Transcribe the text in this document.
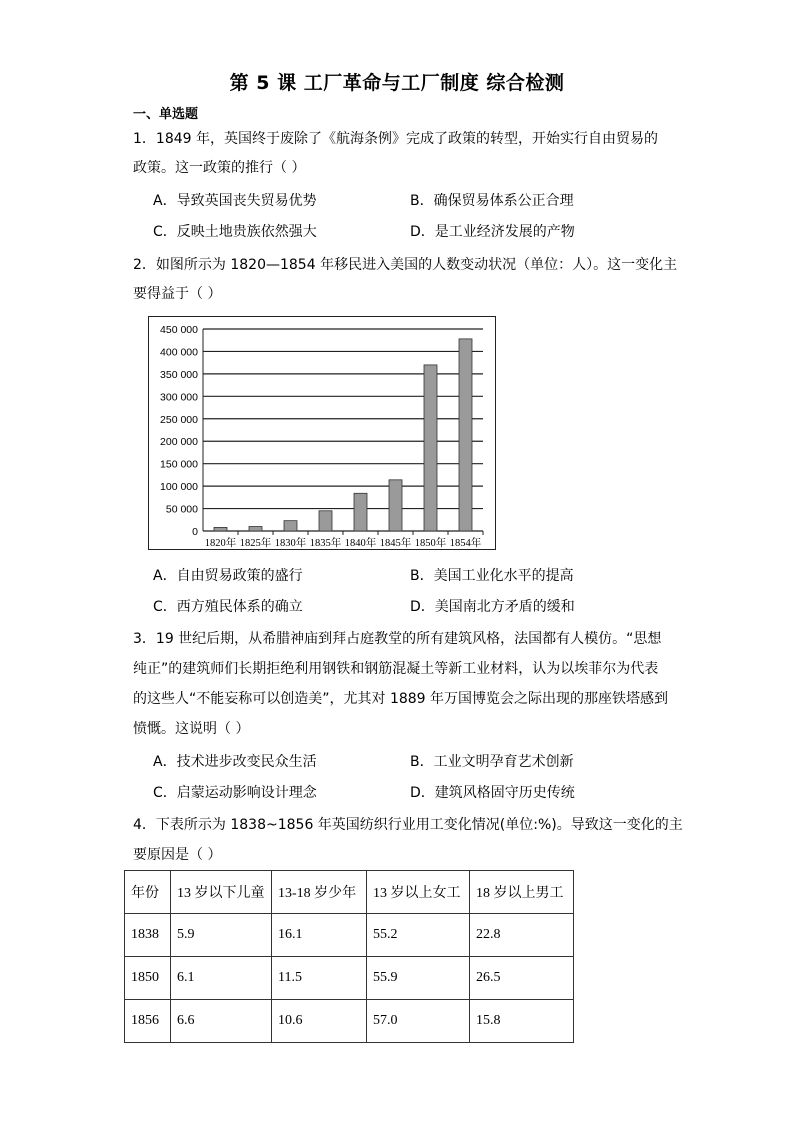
第 5 课 工厂革命与工厂制度 综合检测
一、单选题
1．1849 年，英国终于废除了《航海条例》完成了政策的转型，开始实行自由贸易的
政策。这一政策的推行（ ）
A．导致英国丧失贸易优势	B．确保贸易体系公正合理
C．反映土地贵族依然强大	D．是工业经济发展的产物
2．如图所示为 1820—1854 年移民进入美国的人数变动状况（单位：人）。这一变化主
要得益于（ ）
0
50 000
100 000
150 000
200 000
250 000
300 000
350 000
400 000
450 000
1820年 1825年 1830年 1835年 1840年 1845年 1850年 1854年
A．自由贸易政策的盛行	B．美国工业化水平的提高
C．西方殖民体系的确立	D．美国南北方矛盾的缓和
3．19 世纪后期，从希腊神庙到拜占庭教堂的所有建筑风格，法国都有人模仿。“思想
纯正”的建筑师们长期拒绝利用钢铁和钢筋混凝土等新工业材料，认为以埃菲尔为代表
的这些人“不能妄称可以创造美”，尤其对 1889 年万国博览会之际出现的那座铁塔感到
愤慨。这说明（ ）
A．技术进步改变民众生活	B．工业文明孕育艺术创新
C．启蒙运动影响设计理念	D．建筑风格固守历史传统
4．下表所示为 1838~1856 年英国纺织行业用工变化情况(单位:%)。导致这一变化的主
要原因是（ ）
年份	13 岁以下儿童	13-18 岁少年	13 岁以上女工	18 岁以上男工
1838	5.9	16.1	55.2	22.8
1850	6.1	11.5	55.9	26.5
1856	6.6	10.6	57.0	15.8
